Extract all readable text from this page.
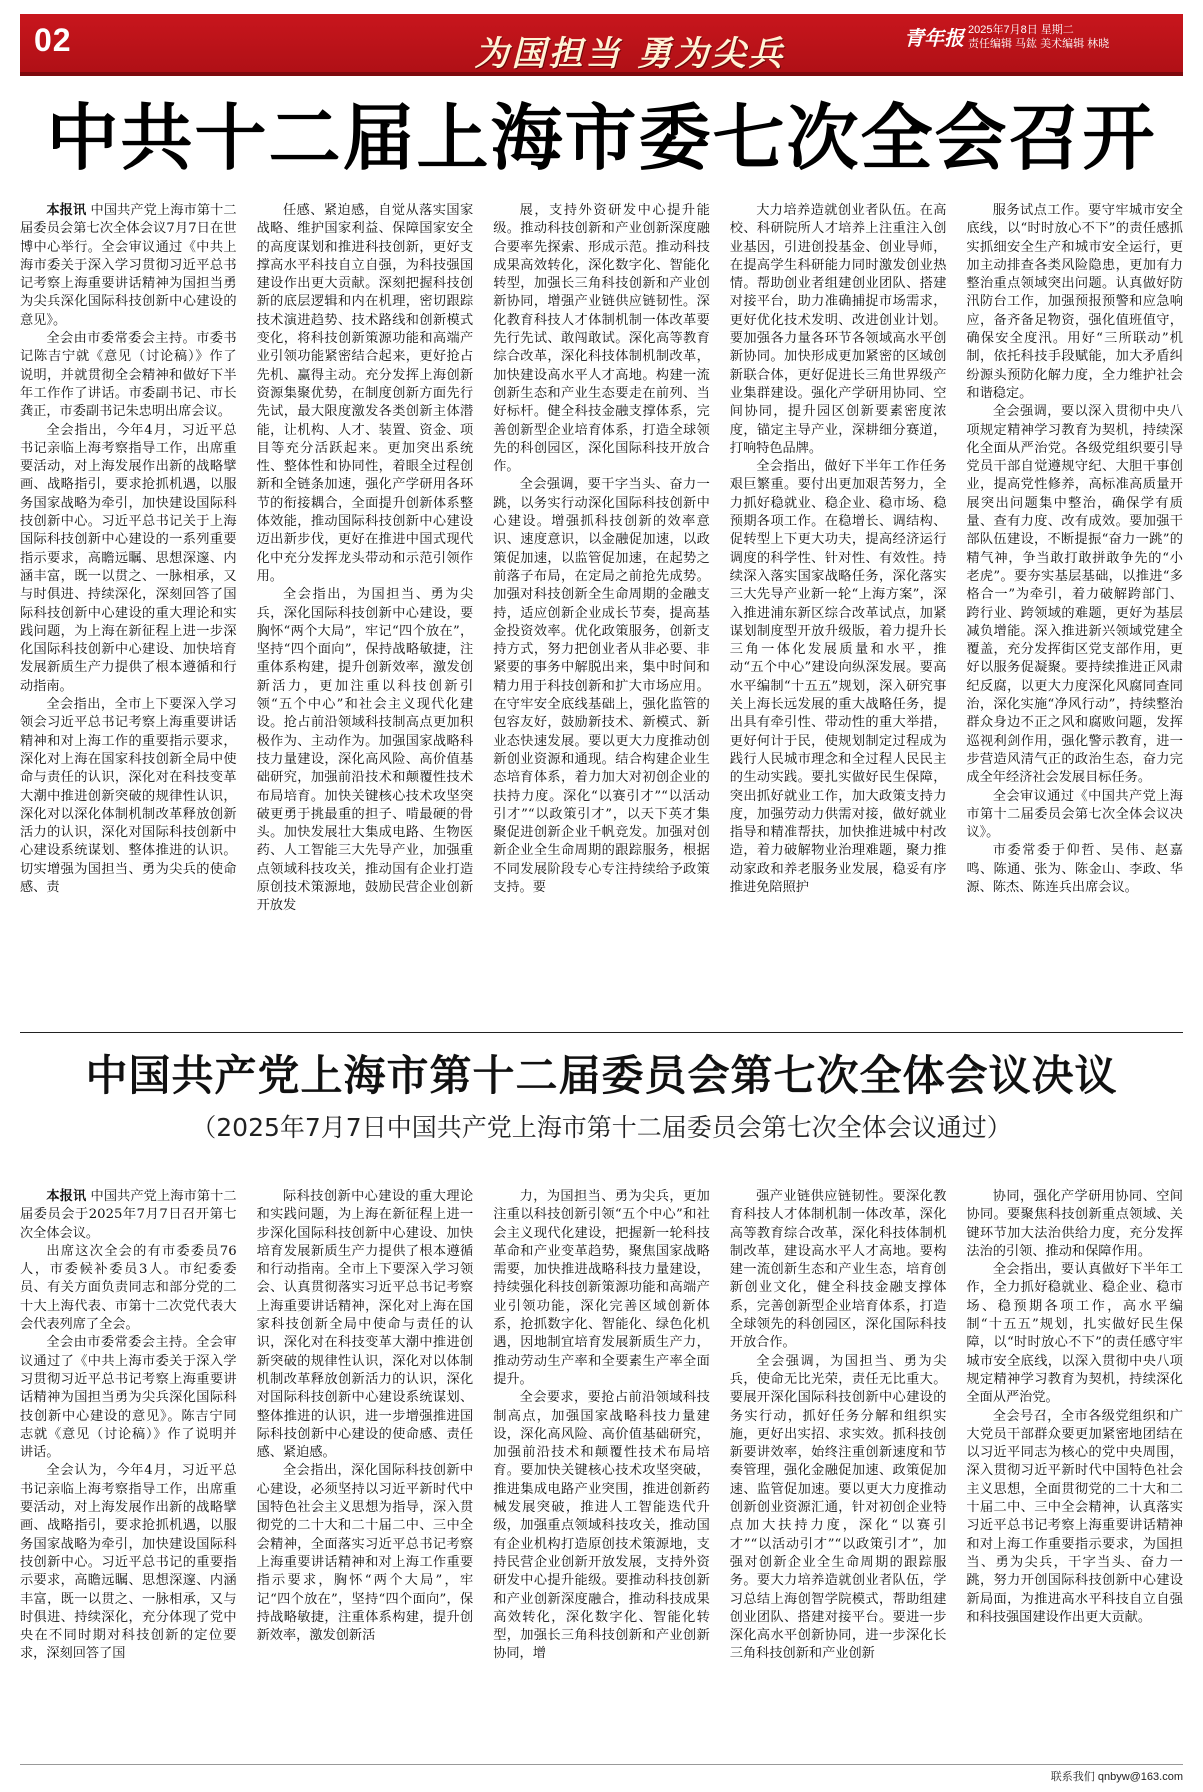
02	为国担当 勇为尖兵	青年报 2025年7月8日 星期二
责任编辑 马鈜 美术编辑 林晓
中共十二届上海市委七次全会召开

本报讯 中国共产党上海市第十二届委员会第七次全体会议7月7日在世博中心举行。全会审议通过《中共上海市委关于深入学习贯彻习近平总书记考察上海重要讲话精神为国担当勇为尖兵深化国际科技创新中心建设的意见》。

全会由市委常委会主持。市委书记陈吉宁就《意见（讨论稿）》作了说明，并就贯彻全会精神和做好下半年工作作了讲话。市委副书记、市长龚正，市委副书记朱忠明出席会议。

全会指出，今年4月，习近平总书记亲临上海考察指导工作，出席重要活动，对上海发展作出新的战略擘画、战略指引，要求抢抓机遇，以服务国家战略为牵引，加快建设国际科技创新中心。习近平总书记关于上海国际科技创新中心建设的一系列重要指示要求，高瞻远瞩、思想深邃、内涵丰富，既一以贯之、一脉相承，又与时俱进、持续深化，深刻回答了国际科技创新中心建设的重大理论和实践问题，为上海在新征程上进一步深化国际科技创新中心建设、加快培育发展新质生产力提供了根本遵循和行动指南。

全会指出，全市上下要深入学习领会习近平总书记考察上海重要讲话精神和对上海工作的重要指示要求，深化对上海在国家科技创新全局中使命与责任的认识，深化对在科技变革大潮中推进创新突破的规律性认识，深化对以深化体制机制改革释放创新活力的认识，深化对国际科技创新中心建设系统谋划、整体推进的认识。切实增强为国担当、勇为尖兵的使命感、责

任感、紧迫感，自觉从落实国家战略、维护国家利益、保障国家安全的高度谋划和推进科技创新，更好支撑高水平科技自立自强，为科技强国建设作出更大贡献。深刻把握科技创新的底层逻辑和内在机理，密切跟踪技术演进趋势、技术路线和创新模式变化，将科技创新策源功能和高端产业引领功能紧密结合起来，更好抢占先机、赢得主动。充分发挥上海创新资源集聚优势，在制度创新方面先行先试，最大限度激发各类创新主体潜能，让机构、人才、装置、资金、项目等充分活跃起来。更加突出系统性、整体性和协同性，着眼全过程创新和全链条加速，强化产学研用各环节的衔接耦合，全面提升创新体系整体效能，推动国际科技创新中心建设迈出新步伐，更好在推进中国式现代化中充分发挥龙头带动和示范引领作用。

全会指出，为国担当、勇为尖兵，深化国际科技创新中心建设，要胸怀“两个大局”，牢记“四个放在”，坚持“四个面向”，保持战略敏捷，注重体系构建，提升创新效率，激发创新活力，更加注重以科技创新引领“五个中心”和社会主义现代化建设。抢占前沿领域科技制高点更加积极作为、主动作为。加强国家战略科技力量建设，深化高风险、高价值基础研究，加强前沿技术和颠覆性技术布局培育。加快关键核心技术攻坚突破更勇于挑最重的担子、啃最硬的骨头。加快发展壮大集成电路、生物医药、人工智能三大先导产业，加强重点领域科技攻关，推动国有企业打造原创技术策源地，鼓励民营企业创新开放发

展，支持外资研发中心提升能级。推动科技创新和产业创新深度融合要率先探索、形成示范。推动科技成果高效转化，深化数字化、智能化转型，加强长三角科技创新和产业创新协同，增强产业链供应链韧性。深化教育科技人才体制机制一体改革要先行先试、敢闯敢试。深化高等教育综合改革，深化科技体制机制改革，加快建设高水平人才高地。构建一流创新生态和产业生态要走在前列、当好标杆。健全科技金融支撑体系，完善创新型企业培育体系，打造全球领先的科创园区，深化国际科技开放合作。

全会强调，要干字当头、奋力一跳，以务实行动深化国际科技创新中心建设。增强抓科技创新的效率意识、速度意识，以金融促加速，以政策促加速，以监管促加速，在起势之前落子布局，在定局之前抢先成势。加强对科技创新全生命周期的金融支持，适应创新企业成长节奏，提高基金投资效率。优化政策服务，创新支持方式，努力把创业者从非必要、非紧要的事务中解脱出来，集中时间和精力用于科技创新和扩大市场应用。在守牢安全底线基础上，强化监管的包容友好，鼓励新技术、新模式、新业态快速发展。要以更大力度推动创新创业资源和通现。结合构建企业生态培育体系，着力加大对初创企业的扶持力度。深化“以赛引才”“以活动引才”“以政策引才”，以天下英才集聚促进创新企业千帆竞发。加强对创新企业全生命周期的跟踪服务，根据不同发展阶段专心专注持续给予政策支持。要

大力培养造就创业者队伍。在高校、科研院所人才培养上注重注入创业基因，引进创投基金、创业导师，在提高学生科研能力同时激发创业热情。帮助创业者组建创业团队、搭建对接平台，助力准确捕捉市场需求，更好优化技术发明、改进创业计划。要加强各力量各环节各领域高水平创新协同。加快形成更加紧密的区域创新联合体，更好促进长三角世界级产业集群建设。强化产学研用协同、空间协同，提升园区创新要素密度浓度，锚定主导产业，深耕细分赛道，打响特色品牌。

全会指出，做好下半年工作任务艰巨繁重。要付出更加艰苦努力，全力抓好稳就业、稳企业、稳市场、稳预期各项工作。在稳增长、调结构、促转型上下更大功夫，提高经济运行调度的科学性、针对性、有效性。持续深入落实国家战略任务，深化落实三大先导产业新一轮“上海方案”，深入推进浦东新区综合改革试点，加紧谋划制度型开放升级版，着力提升长三角一体化发展质量和水平，推动“五个中心”建设向纵深发展。要高水平编制“十五五”规划，深入研究事关上海长远发展的重大战略任务，提出具有牵引性、带动性的重大举措，更好何计于民，使规划制定过程成为践行人民城市理念和全过程人民民主的生动实践。要扎实做好民生保障，突出抓好就业工作，加大政策支持力度，加强劳动力供需对接，做好就业指导和精准帮扶，加快推进城中村改造，着力破解物业治理难题，聚力推动家政和养老服务业发展，稳妥有序推进免陪照护

服务试点工作。要守牢城市安全底线，以“时时放心不下”的责任感抓实抓细安全生产和城市安全运行，更加主动排查各类风险隐患，更加有力整治重点领域突出问题。认真做好防汛防台工作，加强预报预警和应急响应，备齐备足物资，强化值班值守，确保安全度汛。用好“三所联动”机制，依托科技手段赋能，加大矛盾纠纷源头预防化解力度，全力维护社会和谐稳定。

全会强调，要以深入贯彻中央八项规定精神学习教育为契机，持续深化全面从严治党。各级党组织要引导党员干部自觉遵规守纪、大胆干事创业，提高党性修养，高标准高质量开展突出问题集中整治，确保学有质量、查有力度、改有成效。要加强干部队伍建设，不断提振“奋力一跳”的精气神，争当敢打敢拼敢争先的“小老虎”。要夯实基层基础，以推进“多格合一”为牵引，着力破解跨部门、跨行业、跨领域的难题，更好为基层减负增能。深入推进新兴领域党建全覆盖，充分发挥街区党支部作用，更好以服务促凝聚。要持续推进正风肃纪反腐，以更大力度深化风腐同查同治，深化实施“净风行动”，持续整治群众身边不正之风和腐败问题，发挥巡视利剑作用，强化警示教育，进一步营造风清气正的政治生态，奋力完成全年经济社会发展目标任务。

全会审议通过《中国共产党上海市第十二届委员会第七次全体会议决议》。

市委常委于仰哲、吴伟、赵嘉鸣、陈通、张为、陈金山、李政、华源、陈杰、陈连兵出席会议。

中国共产党上海市第十二届委员会第七次全体会议决议
（2025年7月7日中国共产党上海市第十二届委员会第七次全体会议通过）

本报讯 中国共产党上海市第十二届委员会于2025年7月7日召开第七次全体会议。

出席这次全会的有市委委员76人，市委候补委员3人。市纪委委员、有关方面负责同志和部分党的二十大上海代表、市第十二次党代表大会代表列席了全会。

全会由市委常委会主持。全会审议通过了《中共上海市委关于深入学习贯彻习近平总书记考察上海重要讲话精神为国担当勇为尖兵深化国际科技创新中心建设的意见》。陈吉宁同志就《意见（讨论稿）》作了说明并讲话。

全会认为，今年4月，习近平总书记亲临上海考察指导工作，出席重要活动，对上海发展作出新的战略擘画、战略指引，要求抢抓机遇，以服务国家战略为牵引，加快建设国际科技创新中心。习近平总书记的重要指示要求，高瞻远瞩、思想深邃、内涵丰富，既一以贯之、一脉相承，又与时俱进、持续深化，充分体现了党中央在不同时期对科技创新的定位要求，深刻回答了国

际科技创新中心建设的重大理论和实践问题，为上海在新征程上进一步深化国际科技创新中心建设、加快培育发展新质生产力提供了根本遵循和行动指南。全市上下要深入学习领会、认真贯彻落实习近平总书记考察上海重要讲话精神，深化对上海在国家科技创新全局中使命与责任的认识，深化对在科技变革大潮中推进创新突破的规律性认识，深化对以体制机制改革释放创新活力的认识，深化对国际科技创新中心建设系统谋划、整体推进的认识，进一步增强推进国际科技创新中心建设的使命感、责任感、紧迫感。

全会指出，深化国际科技创新中心建设，必须坚持以习近平新时代中国特色社会主义思想为指导，深入贯彻党的二十大和二十届二中、三中全会精神，全面落实习近平总书记考察上海重要讲话精神和对上海工作重要指示要求，胸怀“两个大局”，牢记“四个放在”，坚持“四个面向”，保持战略敏捷，注重体系构建，提升创新效率，激发创新活

力，为国担当、勇为尖兵，更加注重以科技创新引领“五个中心”和社会主义现代化建设，把握新一轮科技革命和产业变革趋势，聚焦国家战略需要，加快推进战略科技力量建设，持续强化科技创新策源功能和高端产业引领功能，深化完善区域创新体系，抢抓数字化、智能化、绿色化机遇，因地制宜培育发展新质生产力，推动劳动生产率和全要素生产率全面提升。

全会要求，要抢占前沿领域科技制高点，加强国家战略科技力量建设，深化高风险、高价值基础研究，加强前沿技术和颠覆性技术布局培育。要加快关键核心技术攻坚突破，推进集成电路产业突围，推进创新药械发展突破，推进人工智能迭代升级，加强重点领域科技攻关，推动国有企业机构打造原创技术策源地，支持民营企业创新开放发展，支持外资研发中心提升能级。要推动科技创新和产业创新深度融合，推动科技成果高效转化，深化数字化、智能化转型，加强长三角科技创新和产业创新协同，增

强产业链供应链韧性。要深化教育科技人才体制机制一体改革，深化高等教育综合改革，深化科技体制机制改革，建设高水平人才高地。要构建一流创新生态和产业生态，培育创新创业文化，健全科技金融支撑体系，完善创新型企业培育体系，打造全球领先的科创园区，深化国际科技开放合作。

全会强调，为国担当、勇为尖兵，使命无比光荣，责任无比重大。要展开深化国际科技创新中心建设的务实行动，抓好任务分解和组织实施，更好出实招、求实效。抓科技创新要讲效率，始终注重创新速度和节奏管理，强化金融促加速、政策促加速、监管促加速。要以更大力度推动创新创业资源汇通，针对初创企业特点加大扶持力度，深化“以赛引才”“以活动引才”“以政策引才”，加强对创新企业全生命周期的跟踪服务。要大力培养造就创业者队伍，学习总结上海创智学院模式，帮助组建创业团队、搭建对接平台。要进一步深化高水平创新协同，进一步深化长三角科技创新和产业创新

协同，强化产学研用协同、空间协同。要聚焦科技创新重点领域、关键环节加大法治供给力度，充分发挥法治的引领、推动和保障作用。

全会指出，要认真做好下半年工作，全力抓好稳就业、稳企业、稳市场、稳预期各项工作，高水平编制“十五五”规划，扎实做好民生保障，以“时时放心不下”的责任感守牢城市安全底线，以深入贯彻中央八项规定精神学习教育为契机，持续深化全面从严治党。

全会号召，全市各级党组织和广大党员干部群众要更加紧密地团结在以习近平同志为核心的党中央周围，深入贯彻习近平新时代中国特色社会主义思想，全面贯彻党的二十大和二十届二中、三中全会精神，认真落实习近平总书记考察上海重要讲话精神和对上海工作重要指示要求，为国担当、勇为尖兵，干字当头、奋力一跳，努力开创国际科技创新中心建设新局面，为推进高水平科技自立自强和科技强国建设作出更大贡献。

联系我们 qnbyw@163.com
